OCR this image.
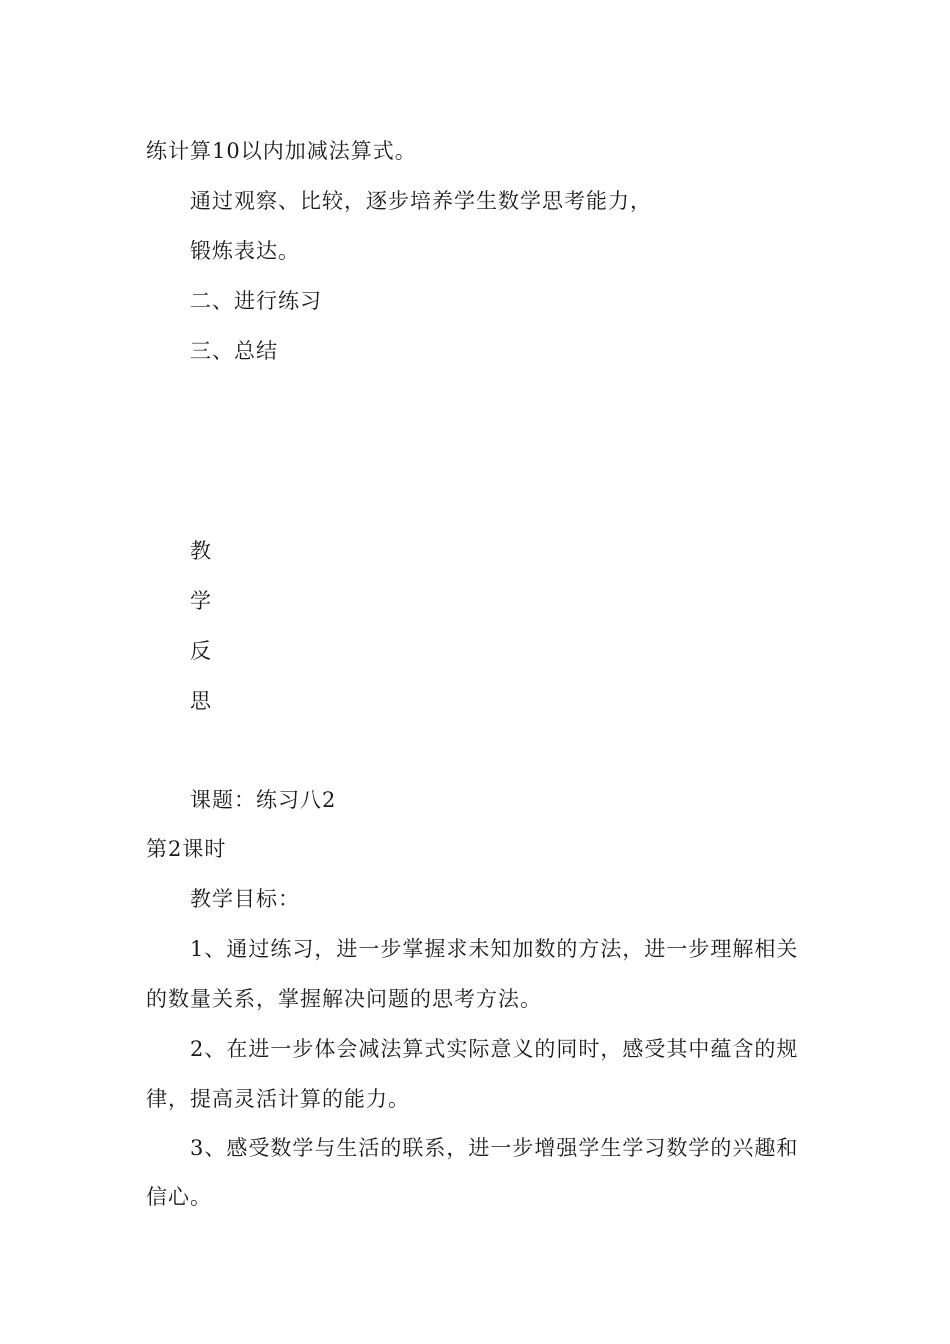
练计算10以内加减法算式。
通过观察、比较，逐步培养学生数学思考能力，
锻炼表达。
二、进行练习
三、总结
教
学
反
思
课题：练习八2
第2课时
教学目标：
1、通过练习，进一步掌握求未知加数的方法，进一步理解相关
的数量关系，掌握解决问题的思考方法。
2、在进一步体会减法算式实际意义的同时，感受其中蕴含的规
律，提高灵活计算的能力。
3、感受数学与生活的联系，进一步增强学生学习数学的兴趣和
信心。
